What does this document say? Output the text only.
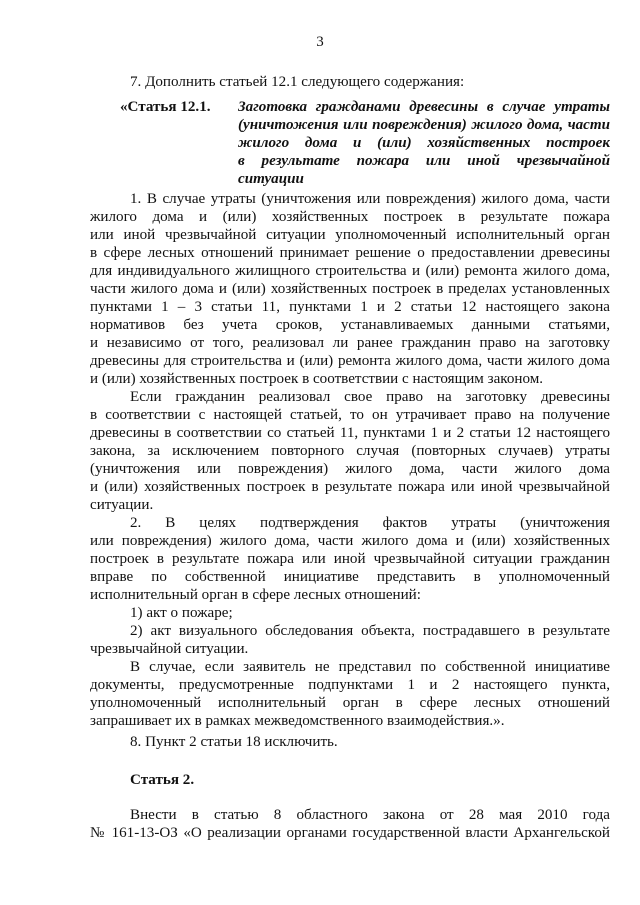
3
7. Дополнить статьей 12.1 следующего содержания:
«Статья 12.1. Заготовка гражданами древесины в случае утраты
(уничтожения или повреждения) жилого дома, части
жилого дома и (или) хозяйственных построек
в результате пожара или иной чрезвычайной
ситуации
1. В случае утраты (уничтожения или повреждения) жилого дома, части
жилого дома и (или) хозяйственных построек в результате пожара
или иной чрезвычайной ситуации уполномоченный исполнительный орган
в сфере лесных отношений принимает решение о предоставлении древесины
для индивидуального жилищного строительства и (или) ремонта жилого дома,
части жилого дома и (или) хозяйственных построек в пределах установленных
пунктами 1 – 3 статьи 11, пунктами 1 и 2 статьи 12 настоящего закона
нормативов без учета сроков, устанавливаемых данными статьями,
и независимо от того, реализовал ли ранее гражданин право на заготовку
древесины для строительства и (или) ремонта жилого дома, части жилого дома
и (или) хозяйственных построек в соответствии с настоящим законом.
Если гражданин реализовал свое право на заготовку древесины
в соответствии с настоящей статьей, то он утрачивает право на получение
древесины в соответствии со статьей 11, пунктами 1 и 2 статьи 12 настоящего
закона, за исключением повторного случая (повторных случаев) утраты
(уничтожения или повреждения) жилого дома, части жилого дома
и (или) хозяйственных построек в результате пожара или иной чрезвычайной
ситуации.
2. В целях подтверждения фактов утраты (уничтожения
или повреждения) жилого дома, части жилого дома и (или) хозяйственных
построек в результате пожара или иной чрезвычайной ситуации гражданин
вправе по собственной инициативе представить в уполномоченный
исполнительный орган в сфере лесных отношений:
1) акт о пожаре;
2) акт визуального обследования объекта, пострадавшего в результате
чрезвычайной ситуации.
В случае, если заявитель не представил по собственной инициативе
документы, предусмотренные подпунктами 1 и 2 настоящего пункта,
уполномоченный исполнительный орган в сфере лесных отношений
запрашивает их в рамках межведомственного взаимодействия.».
8. Пункт 2 статьи 18 исключить.
Статья 2.
Внести в статью 8 областного закона от 28 мая 2010 года
№ 161-13-ОЗ «О реализации органами государственной власти Архангельской
